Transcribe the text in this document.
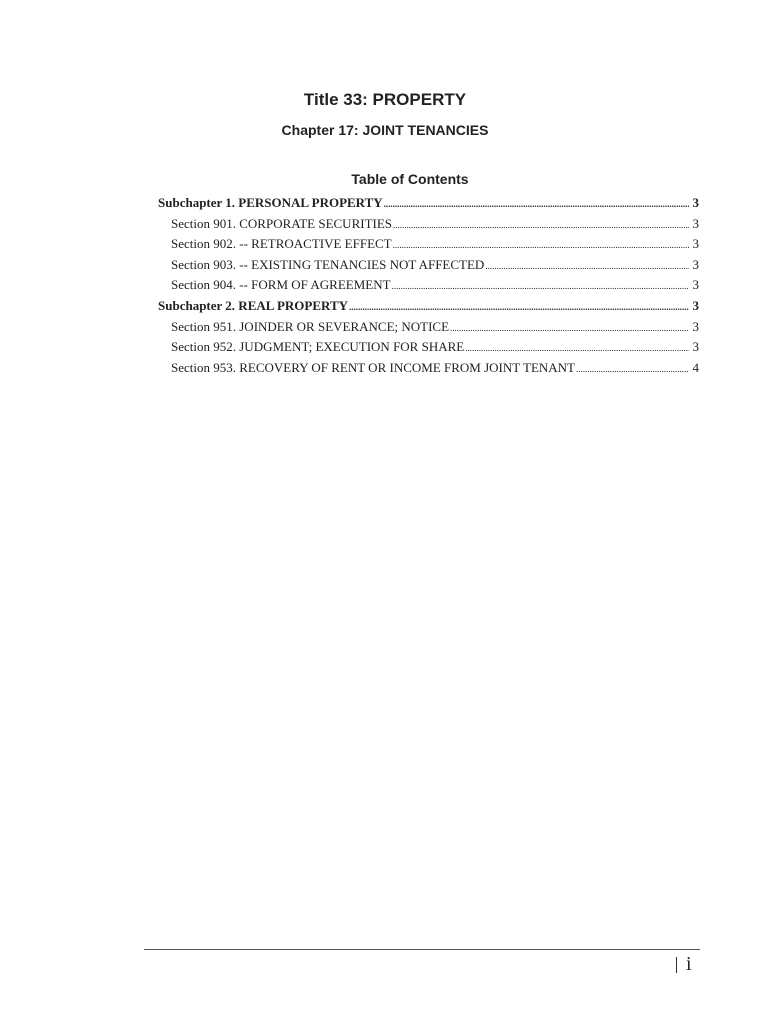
Title 33: PROPERTY
Chapter 17: JOINT TENANCIES
Table of Contents
Subchapter 1. PERSONAL PROPERTY .....	3
Section 901. CORPORATE SECURITIES .....	3
Section 902. -- RETROACTIVE EFFECT .....	3
Section 903. -- EXISTING TENANCIES NOT AFFECTED .....	3
Section 904. -- FORM OF AGREEMENT .....	3
Subchapter 2. REAL PROPERTY .....	3
Section 951. JOINDER OR SEVERANCE; NOTICE .....	3
Section 952. JUDGMENT; EXECUTION FOR SHARE .....	3
Section 953. RECOVERY OF RENT OR INCOME FROM JOINT TENANT .....	4
i
